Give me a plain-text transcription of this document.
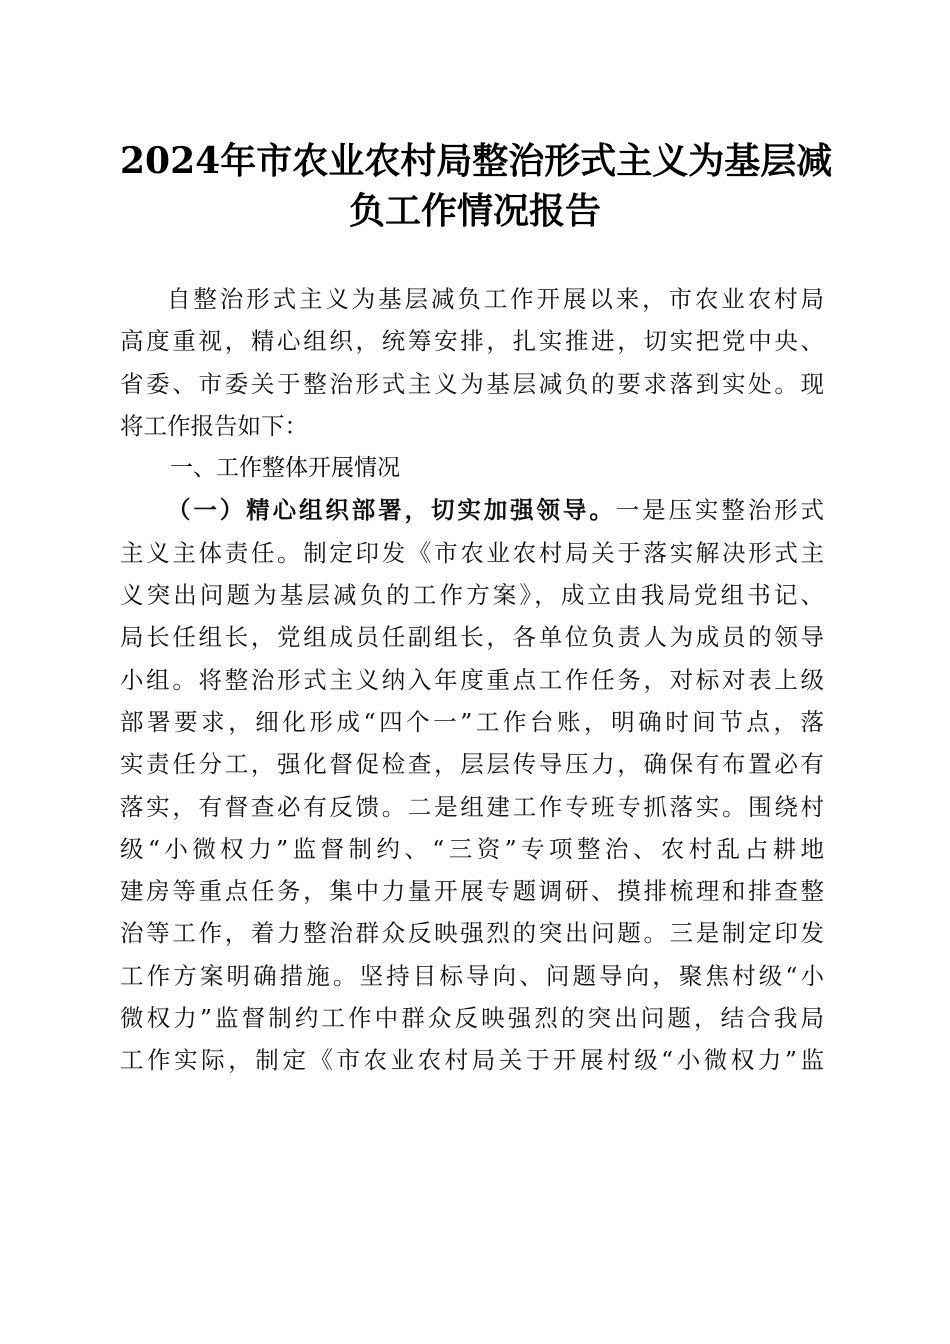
2024年市农业农村局整治形式主义为基层减
负工作情况报告
自整治形式主义为基层减负工作开展以来，市农业农村局
高度重视，精心组织，统筹安排，扎实推进，切实把党中央、
省委、市委关于整治形式主义为基层减负的要求落到实处。现
将工作报告如下：
一、工作整体开展情况
（一）精心组织部署，切实加强领导。一是压实整治形式
主义主体责任。制定印发《市农业农村局关于落实解决形式主
义突出问题为基层减负的工作方案》，成立由我局党组书记、
局长任组长，党组成员任副组长，各单位负责人为成员的领导
小组。将整治形式主义纳入年度重点工作任务，对标对表上级
部署要求，细化形成“四个一”工作台账，明确时间节点，落
实责任分工，强化督促检查，层层传导压力，确保有布置必有
落实，有督查必有反馈。二是组建工作专班专抓落实。围绕村
级“小微权力”监督制约、“三资”专项整治、农村乱占耕地
建房等重点任务，集中力量开展专题调研、摸排梳理和排查整
治等工作，着力整治群众反映强烈的突出问题。三是制定印发
工作方案明确措施。坚持目标导向、问题导向，聚焦村级“小
微权力”监督制约工作中群众反映强烈的突出问题，结合我局
工作实际，制定《市农业农村局关于开展村级“小微权力”监
